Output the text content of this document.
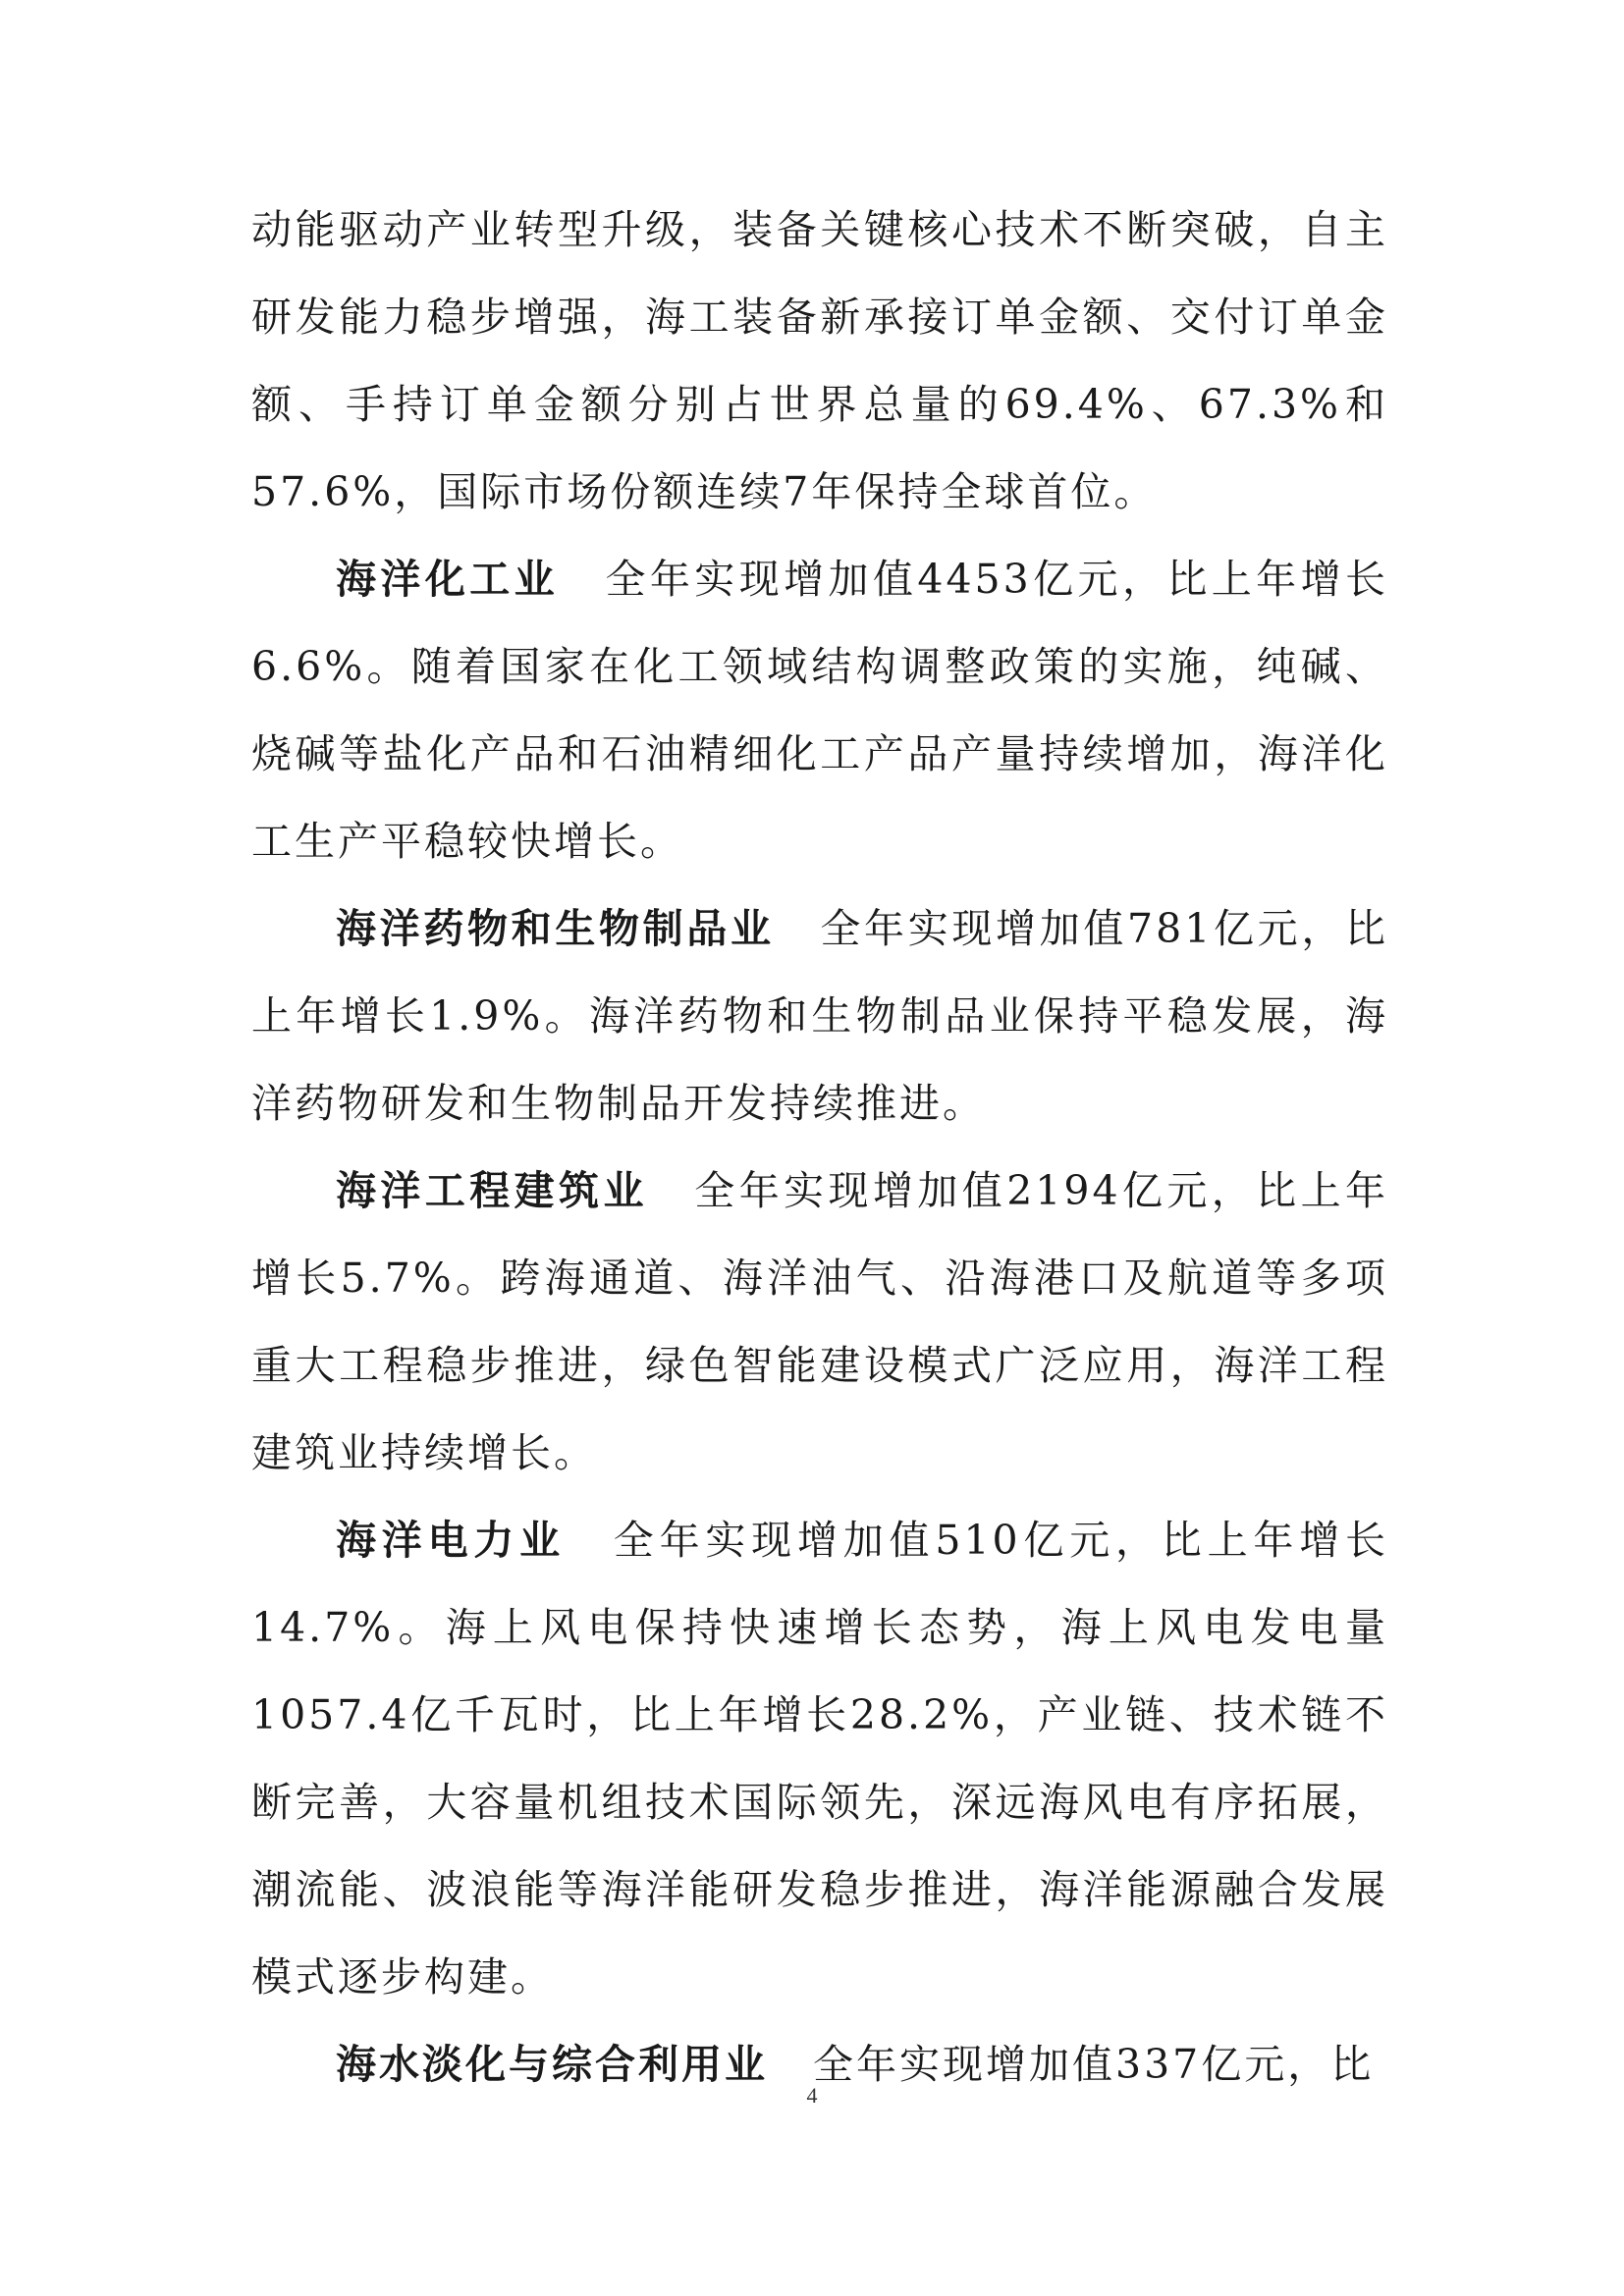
动能驱动产业转型升级，装备关键核心技术不断突破，自主研发能力稳步增强，海工装备新承接订单金额、交付订单金额、手持订单金额分别占世界总量的69.4%、67.3%和57.6%，国际市场份额连续7年保持全球首位。

海洋化工业 全年实现增加值4453亿元，比上年增长6.6%。随着国家在化工领域结构调整政策的实施，纯碱、烧碱等盐化产品和石油精细化工产品产量持续增加，海洋化工生产平稳较快增长。

海洋药物和生物制品业 全年实现增加值781亿元，比上年增长1.9%。海洋药物和生物制品业保持平稳发展，海洋药物研发和生物制品开发持续推进。

海洋工程建筑业 全年实现增加值2194亿元，比上年增长5.7%。跨海通道、海洋油气、沿海港口及航道等多项重大工程稳步推进，绿色智能建设模式广泛应用，海洋工程建筑业持续增长。

海洋电力业 全年实现增加值510亿元，比上年增长14.7%。海上风电保持快速增长态势，海上风电发电量1057.4亿千瓦时，比上年增长28.2%，产业链、技术链不断完善，大容量机组技术国际领先，深远海风电有序拓展，潮流能、波浪能等海洋能研发稳步推进，海洋能源融合发展模式逐步构建。

海水淡化与综合利用业 全年实现增加值337亿元，比

4
